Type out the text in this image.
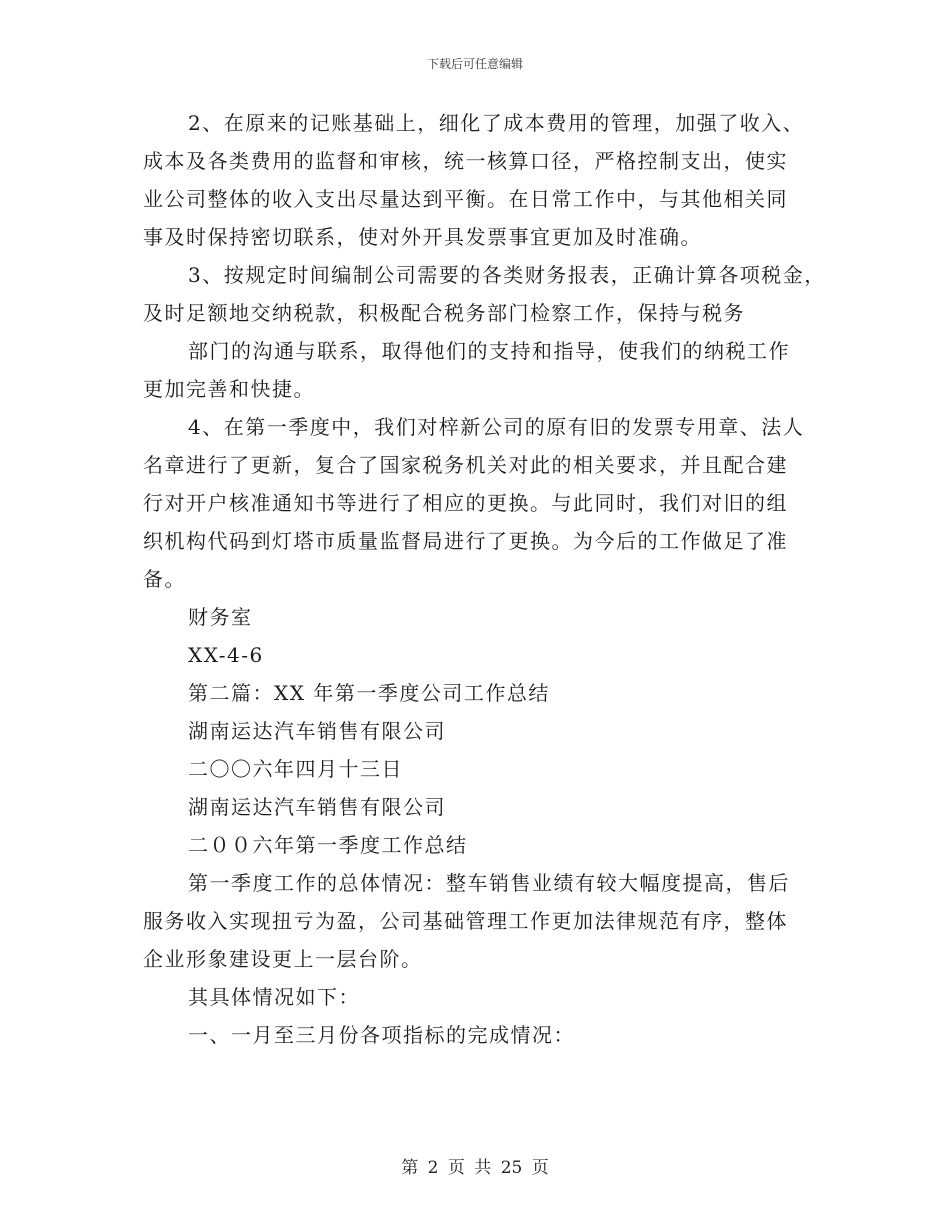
下载后可任意编辑
2、在原来的记账基础上，细化了成本费用的管理，加强了收入、
成本及各类费用的监督和审核，统一核算口径，严格控制支出，使实
业公司整体的收入支出尽量达到平衡。在日常工作中，与其他相关同
事及时保持密切联系，使对外开具发票事宜更加及时准确。
3、按规定时间编制公司需要的各类财务报表，正确计算各项税金，
及时足额地交纳税款，积极配合税务部门检察工作，保持与税务
部门的沟通与联系，取得他们的支持和指导，使我们的纳税工作
更加完善和快捷。
4、在第一季度中，我们对梓新公司的原有旧的发票专用章、法人
名章进行了更新，复合了国家税务机关对此的相关要求，并且配合建
行对开户核准通知书等进行了相应的更换。与此同时，我们对旧的组
织机构代码到灯塔市质量监督局进行了更换。为今后的工作做足了准
备。
财务室
XX-4-6
第二篇：XX 年第一季度公司工作总结
湖南运达汽车销售有限公司
二〇〇六年四月十三日
湖南运达汽车销售有限公司
二００六年第一季度工作总结
第一季度工作的总体情况：整车销售业绩有较大幅度提高，售后
服务收入实现扭亏为盈，公司基础管理工作更加法律规范有序，整体
企业形象建设更上一层台阶。
其具体情况如下：
一、一月至三月份各项指标的完成情况：
第 2 页 共 25 页
